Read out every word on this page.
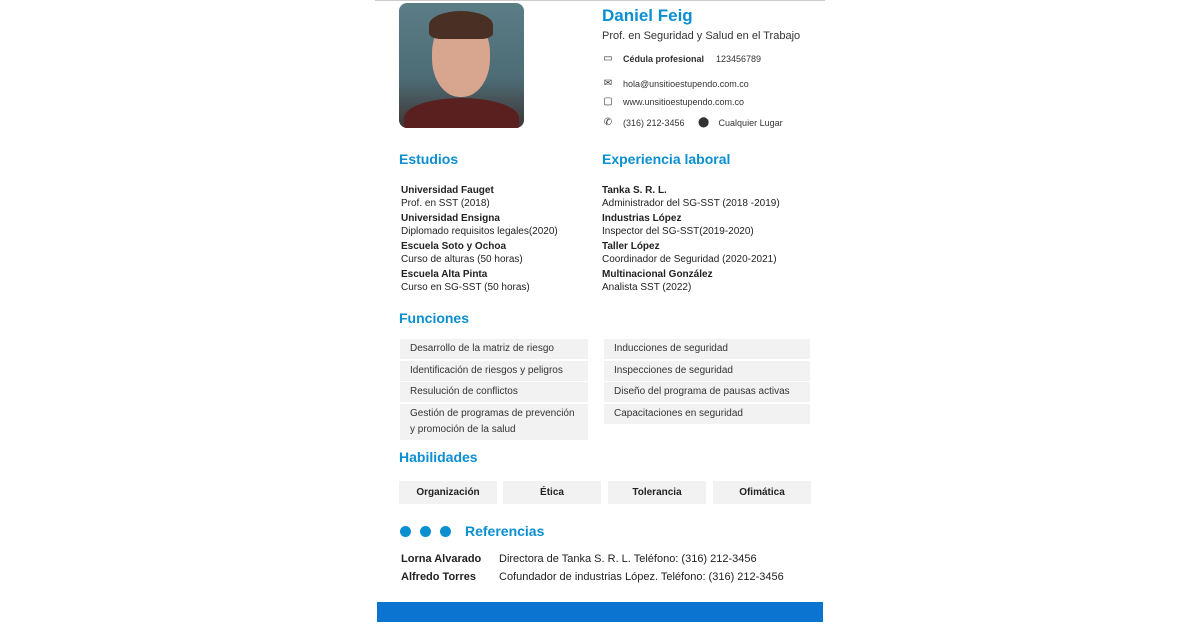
Daniel Feig
Prof. en Seguridad y Salud en el Trabajo
▭ Cédula profesional 123456789
✉	hola@unsitioestupendo.com.co
▢ www.unsitioestupendo.com.co
✆	(316) 212-3456 ⬤ Cualquier Lugar
Estudios
Universidad Fauget
Prof. en SST (2018)
Universidad Ensigna
Diplomado requisitos legales(2020)
Escuela Soto y Ochoa
Curso de alturas (50 horas)
Escuela Alta Pinta
Curso en SG-SST (50 horas)
Experiencia laboral
Tanka S. R. L.
Administrador del SG-SST (2018 -2019)
Industrias López
Inspector del SG-SST(2019-2020)
Taller López
Coordinador de Seguridad (2020-2021)
Multinacional González
Analista SST (2022)
Funciones
Desarrollo de la matriz de riesgo
Identificación de riesgos y peligros
Resulución de conflictos
Gestión de programas de prevención y promoción de la salud
Inducciones de seguridad
Inspecciones de seguridad
Diseño del programa de pausas activas
Capacitaciones en seguridad
Habilidades
Organización	Ética	Tolerancia	Ofimática
Referencias
Lorna Alvarado	Directora de Tanka S. R. L. Teléfono: (316) 212-3456
Alfredo Torres	Cofundador de industrias López. Teléfono: (316) 212-3456
